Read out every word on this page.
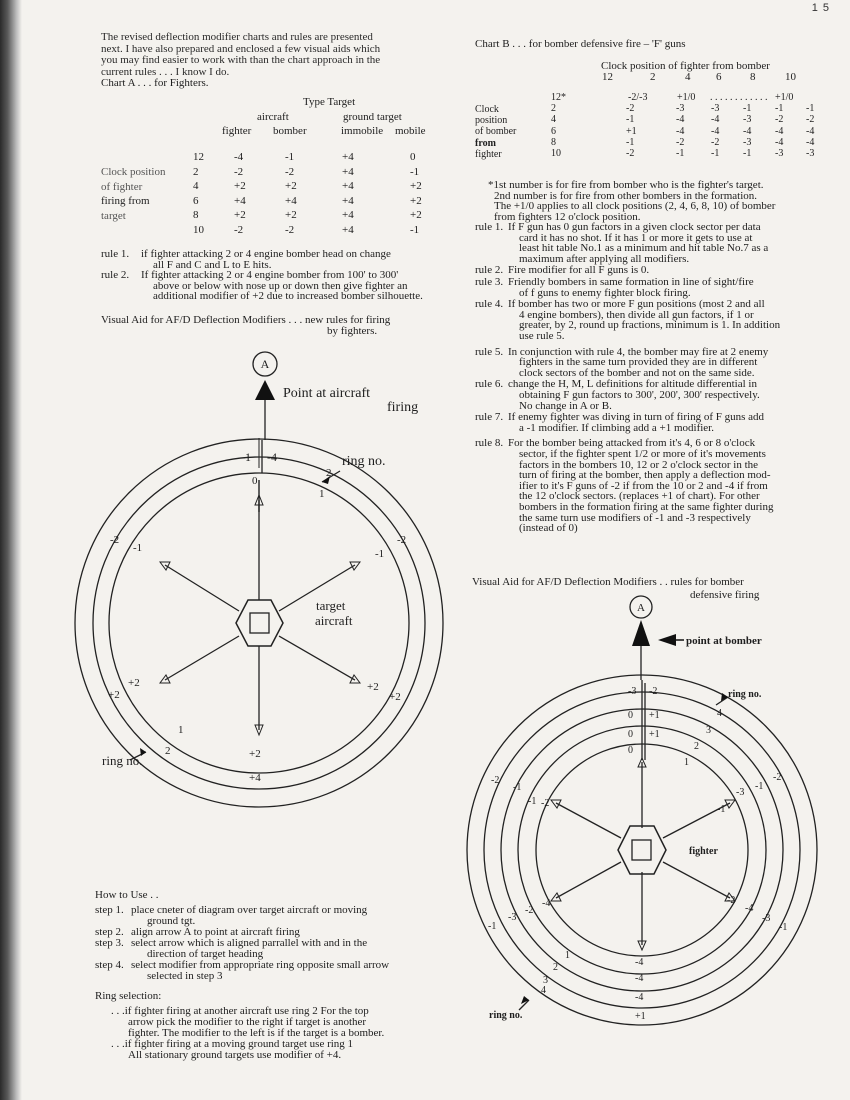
1 5
Type Target
aircraft	ground target
Visual Aid for AF/D Deflection Modifiers . . . new rules for firing
by fighters.
A
Point at aircraft
firing
-1 -4
0
ring no.
2
1
-2
-1
-2
-1
target
aircraft
+2
+2
+2
+2
1
2
ring no.	+2
+4
A
point at bomber
ring no.
ring no.
fighter
-3 -2
0 +1
0 +1
0
4
3
2
1
-2
-1
-1 -2
-2
-1
-3
-1
-1
-3
-2
-4
-1
-3
-4
-2
-4
-4
-4
+1
1
2
3
4
How to Use . .
Ring selection:
Chart B . . . for bomber defensive fire – 'F' guns
Clock position of fighter from bomber
Visual Aid for AF/D Deflection Modifiers . . rules for bomber
defensive firing
The revised deflection modifier charts and rules are presented
next. I have also prepared and enclosed a few visual aids which
you may find easier to work with than the chart approach in the
current rules . . . I know I do.
Chart A . . . for Fighters.
fighter bomber	immobile mobile
Clock position
of fighter
firing from
target
12	-4	-1	+4	0
2	-2	-2	+4	-1
4	+2	+2	+4	+2
6	+4	+4	+4	+2
8	+2	+2	+4	+2
10	-2	-2	+4	-1
rule 1. if fighter attacking 2 or 4 engine bomber head on change
all F and C and L to E hits.
rule 2. If fighter attacking 2 or 4 engine bomber from 100' to 300'
above or below with nose up or down then give fighter an
additional modifier of +2 due to increased bomber silhouette.
step 1. place cneter of diagram over target aircraft or moving
ground tgt.
step 2. align arrow A to point at aircraft firing
step 3. select arrow which is aligned parrallel with and in the
direction of target heading
step 4. select modifier from appropriate ring opposite small arrow
selected in step 3
. . .if fighter firing at another aircraft use ring 2 For the top
arrow pick the modifier to the right if target is another
fighter. The modifier to the left is if the target is a bomber.
. . .if fighter firing at a moving ground target use ring 1
All stationary ground targets use modifier of +4.
12	2	4 6	8	10
Clock
position
of bomber
from
fighter
12*	-2/-3	+1/0 . . . . . . . . . . . . +1/0
2	-2	-3	-3 -1 -1 -1
4	-1	-4	-4 -3 -2 -2
6	+1	-4	-4 -4 -4 -4
8	-1	-2	-2 -3 -4 -4
10	-2	-1	-1 -1 -3 -3
*1st number is for fire from bomber who is the fighter's target.
2nd number is for fire from other bombers in the formation.
The +1/0 applies to all clock positions (2, 4, 6, 8, 10) of bomber
from fighters 12 o'clock position.
rule 1. If F gun has 0 gun factors in a given clock sector per data
card it has no shot. If it has 1 or more it gets to use at
least hit table No.1 as a minimum and hit table No.7 as a
maximum after applying all modifiers.
rule 2. Fire modifier for all F guns is 0.
rule 3. Friendly bombers in same formation in line of sight/fire
of f guns to enemy fighter block firing.
rule 4. If bomber has two or more F gun positions (most 2 and all
4 engine bombers), then divide all gun factors, if 1 or
greater, by 2, round up fractions, minimum is 1. In addition
use rule 5.
rule 5. In conjunction with rule 4, the bomber may fire at 2 enemy
fighters in the same turn provided they are in different
clock sectors of the bomber and not on the same side.
rule 6. change the H, M, L definitions for altitude differential in
obtaining F gun factors to 300', 200', 300' respectively.
No change in A or B.
rule 7. If enemy fighter was diving in turn of firing of F guns add
a -1 modifier. If climbing add a +1 modifier.
rule 8. For the bomber being attacked from it's 4, 6 or 8 o'clock
sector, if the fighter spent 1/2 or more of it's movements
factors in the bombers 10, 12 or 2 o'clock sector in the
turn of firing at the bomber, then apply a deflection mod-
ifier to it's F guns of -2 if from the 10 or 2 and -4 if from
the 12 o'clock sectors. (replaces +1 of chart). For other
bombers in the formation firing at the same fighter during
the same turn use modifiers of -1 and -3 respectively
(instead of 0)
